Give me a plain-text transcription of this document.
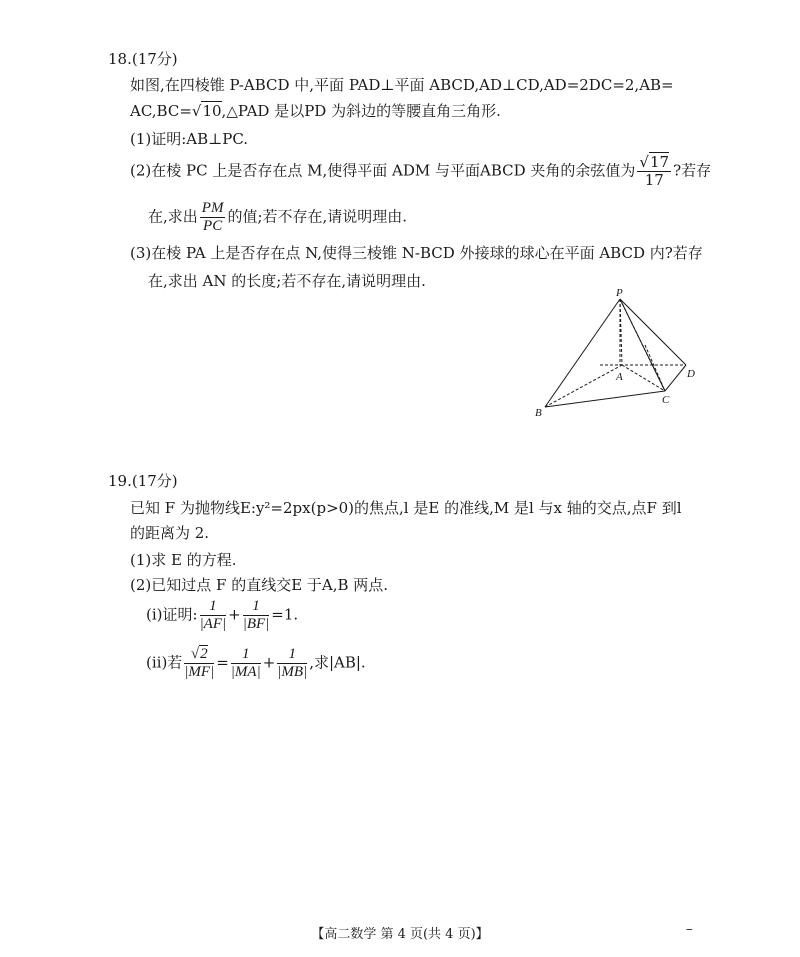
18.(17分)
如图,在四棱锥 P-ABCD 中,平面 PAD⊥平面 ABCD,AD⊥CD,AD=2DC=2,AB=
AC,BC=√10,△PAD 是以PD 为斜边的等腰直角三角形.
(1)证明:AB⊥PC.
(2)在棱 PC 上是否存在点 M,使得平面 ADM 与平面ABCD 夹角的余弦值为 $\frac{√17}{17}$ ?若存
在,求出 $\frac{PM}{PC}$ 的值;若不存在,请说明理由.
(3)在棱 PA 上是否存在点 N,使得三棱锥 N-BCD 外接球的球心在平面 ABCD 内?若存
在,求出 AN 的长度;若不存在,请说明理由.
P
A
B
C
D
19.(17分)
已知 F 为抛物线E:y²=2px(p>0)的焦点,l 是E 的准线,M 是l 与x 轴的交点,点F 到l
的距离为 2.
(1)求 E 的方程.
(2)已知过点 F 的直线交E 于A,B 两点.
(ⅰ)证明: $\frac{1}{|AF|} + \frac{1}{|BF|} =1$.
(ⅱ)若 $\frac{√2}{|MF|} = \frac{1}{|MA|} + \frac{1}{|MB|}$ ,求|AB|.
【高二数学 第 4 页(共 4 页)】	–
